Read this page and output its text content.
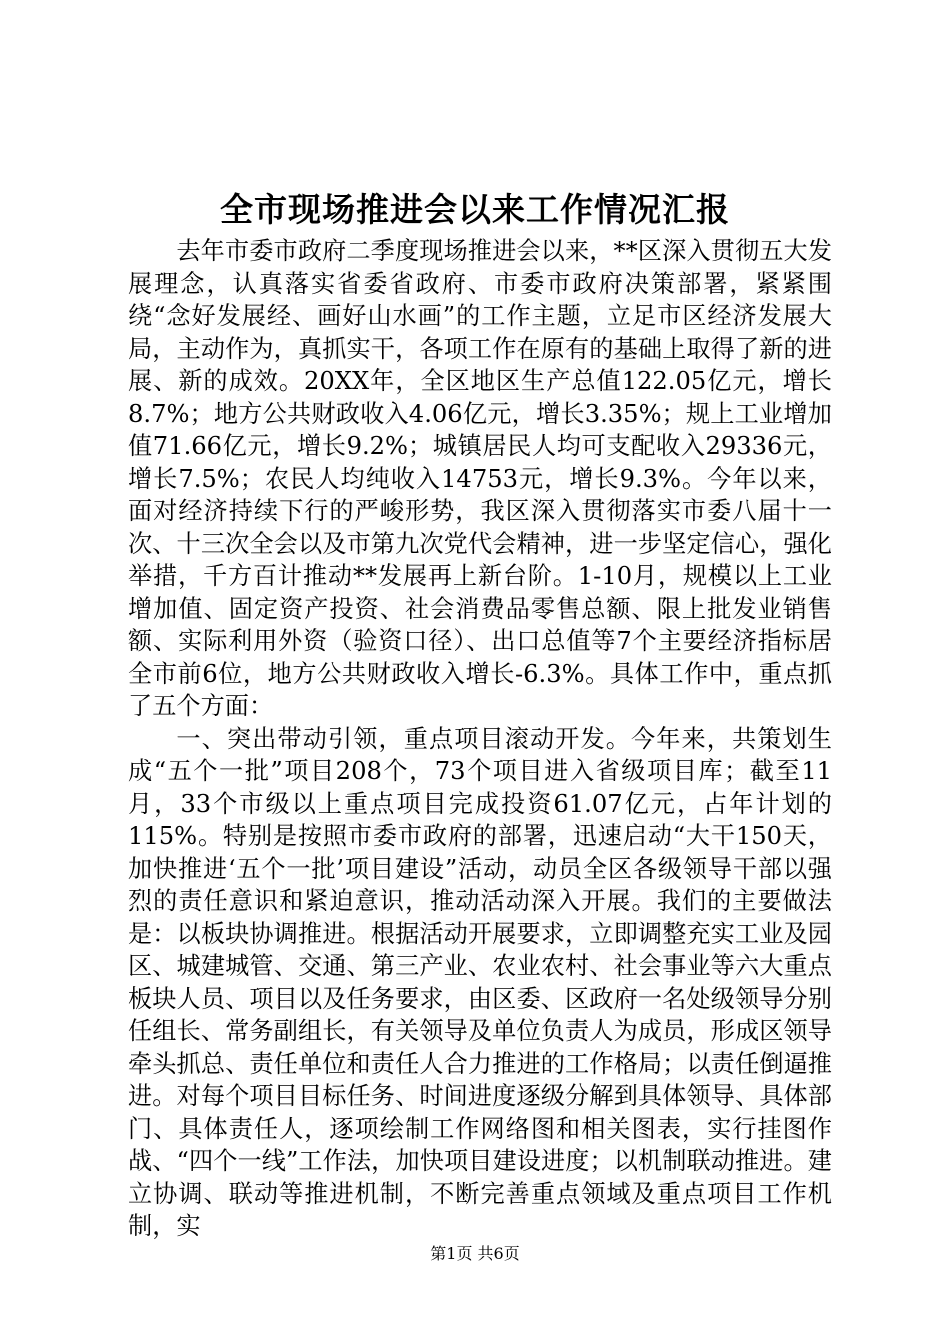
全市现场推进会以来工作情况汇报

去年市委市政府二季度现场推进会以来，**区深入贯彻五大发展理念，认真落实省委省政府、市委市政府决策部署，紧紧围绕“念好发展经、画好山水画”的工作主题，立足市区经济发展大局，主动作为，真抓实干，各项工作在原有的基础上取得了新的进展、新的成效。20XX年，全区地区生产总值122.05亿元，增长8.7%；地方公共财政收入4.06亿元，增长3.35%；规上工业增加值71.66亿元，增长9.2%；城镇居民人均可支配收入29336元，增长7.5%；农民人均纯收入14753元，增长9.3%。今年以来，面对经济持续下行的严峻形势，我区深入贯彻落实市委八届十一次、十三次全会以及市第九次党代会精神，进一步坚定信心，强化举措，千方百计推动**发展再上新台阶。1-10月，规模以上工业增加值、固定资产投资、社会消费品零售总额、限上批发业销售额、实际利用外资（验资口径）、出口总值等7个主要经济指标居全市前6位，地方公共财政收入增长-6.3%。具体工作中，重点抓了五个方面：

一、突出带动引领，重点项目滚动开发。今年来，共策划生成“五个一批”项目208个，73个项目进入省级项目库；截至11月，33个市级以上重点项目完成投资61.07亿元，占年计划的115%。特别是按照市委市政府的部署，迅速启动“大干150天，加快推进‘五个一批’项目建设”活动，动员全区各级领导干部以强烈的责任意识和紧迫意识，推动活动深入开展。我们的主要做法是：以板块协调推进。根据活动开展要求，立即调整充实工业及园区、城建城管、交通、第三产业、农业农村、社会事业等六大重点板块人员、项目以及任务要求，由区委、区政府一名处级领导分别任组长、常务副组长，有关领导及单位负责人为成员，形成区领导牵头抓总、责任单位和责任人合力推进的工作格局；以责任倒逼推进。对每个项目目标任务、时间进度逐级分解到具体领导、具体部门、具体责任人，逐项绘制工作网络图和相关图表，实行挂图作战、“四个一线”工作法，加快项目建设进度；以机制联动推进。建立协调、联动等推进机制，不断完善重点领域及重点项目工作机制，实

第1页 共6页
